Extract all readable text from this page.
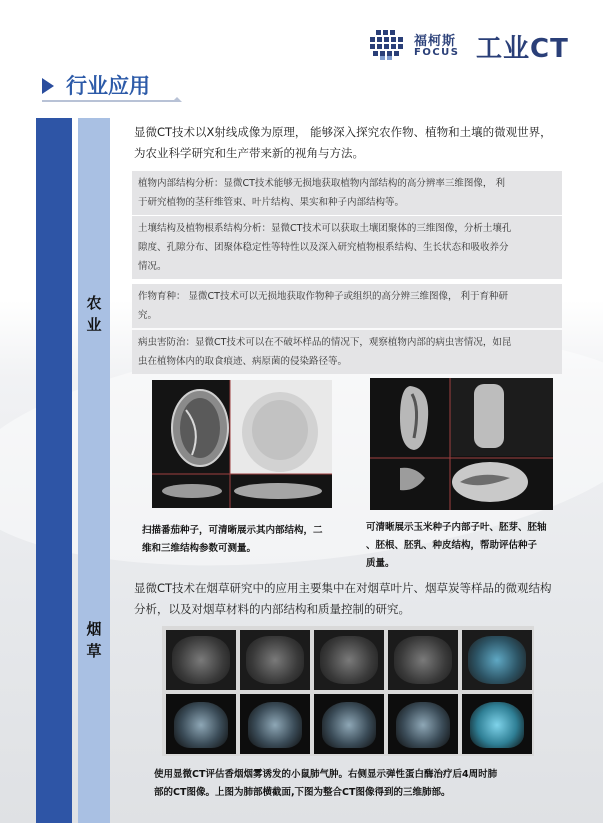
福柯斯
FOCUS 工业CT
行业应用
农
业
烟
草
显微CT技术以X射线成像为原理， 能够深入探究农作物、植物和土壤的微观世界，
为农业科学研究和生产带来新的视角与方法。
植物内部结构分析：显微CT技术能够无损地获取植物内部结构的高分辨率三维图像， 利
于研究植物的茎秆维管束、叶片结构、果实和种子内部结构等。
土壤结构及植物根系结构分析：显微CT技术可以获取土壤团聚体的三维图像，分析土壤孔
隙度、孔隙分布、团聚体稳定性等特性以及深入研究植物根系结构、生长状态和吸收养分
情况。
作物育种： 显微CT技术可以无损地获取作物种子或组织的高分辨三维图像， 利于育种研
究。
病虫害防治：显微CT技术可以在不破坏样品的情况下，观察植物内部的病虫害情况，如昆
虫在植物体内的取食痕迹、病原菌的侵染路径等。
扫描番茄种子，可清晰展示其内部结构，二
维和三维结构参数可测量。
可清晰展示玉米种子内部子叶、胚芽、胚轴
、胚根、胚乳、种皮结构，帮助评估种子
质量。
显微CT技术在烟草研究中的应用主要集中在对烟草叶片、烟草炭等样品的微观结构
分析，以及对烟草材料的内部结构和质量控制的研究。
使用显微CT评估香烟烟雾诱发的小鼠肺气肿。右侧显示弹性蛋白酶治疗后4周时肺
部的CT图像。上图为肺部横截面,下图为整合CT图像得到的三维肺部。
